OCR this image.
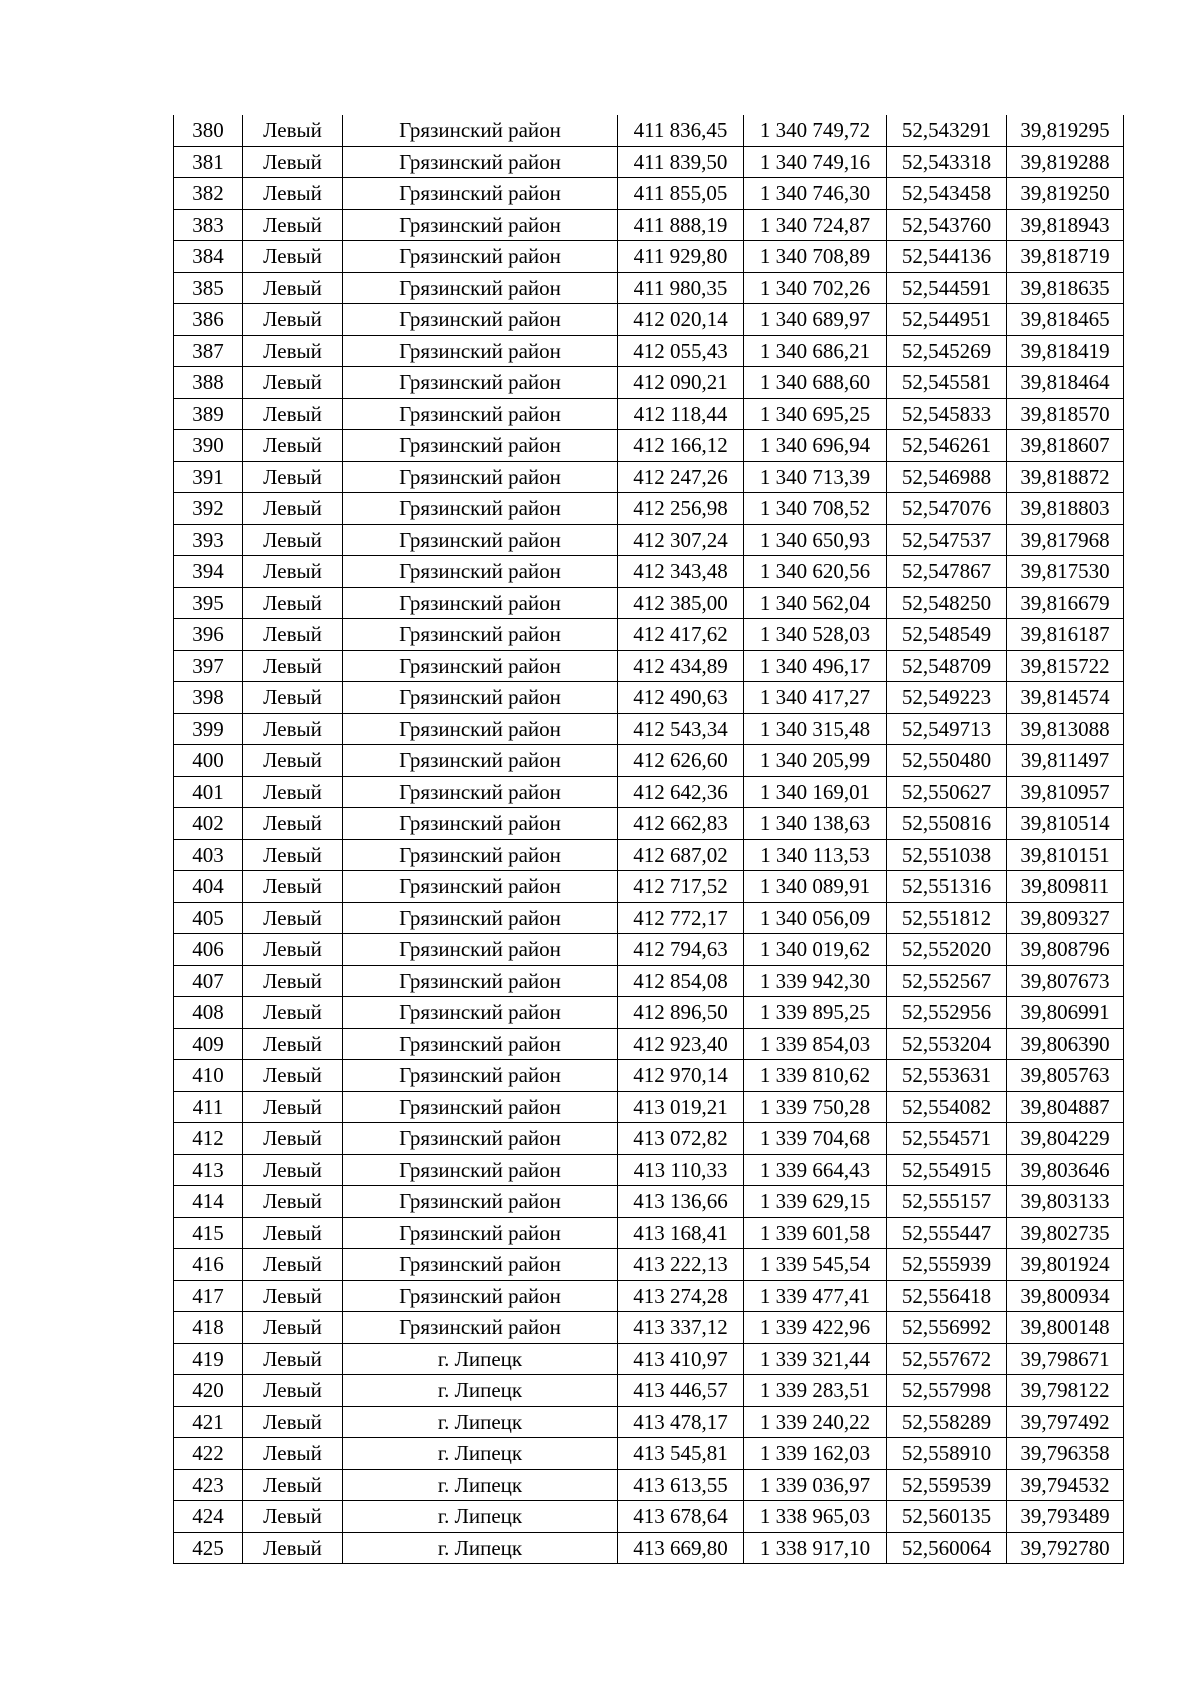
380	Левый	Грязинский район	411 836,45	1 340 749,72	52,543291	39,819295
381	Левый	Грязинский район	411 839,50	1 340 749,16	52,543318	39,819288
382	Левый	Грязинский район	411 855,05	1 340 746,30	52,543458	39,819250
383	Левый	Грязинский район	411 888,19	1 340 724,87	52,543760	39,818943
384	Левый	Грязинский район	411 929,80	1 340 708,89	52,544136	39,818719
385	Левый	Грязинский район	411 980,35	1 340 702,26	52,544591	39,818635
386	Левый	Грязинский район	412 020,14	1 340 689,97	52,544951	39,818465
387	Левый	Грязинский район	412 055,43	1 340 686,21	52,545269	39,818419
388	Левый	Грязинский район	412 090,21	1 340 688,60	52,545581	39,818464
389	Левый	Грязинский район	412 118,44	1 340 695,25	52,545833	39,818570
390	Левый	Грязинский район	412 166,12	1 340 696,94	52,546261	39,818607
391	Левый	Грязинский район	412 247,26	1 340 713,39	52,546988	39,818872
392	Левый	Грязинский район	412 256,98	1 340 708,52	52,547076	39,818803
393	Левый	Грязинский район	412 307,24	1 340 650,93	52,547537	39,817968
394	Левый	Грязинский район	412 343,48	1 340 620,56	52,547867	39,817530
395	Левый	Грязинский район	412 385,00	1 340 562,04	52,548250	39,816679
396	Левый	Грязинский район	412 417,62	1 340 528,03	52,548549	39,816187
397	Левый	Грязинский район	412 434,89	1 340 496,17	52,548709	39,815722
398	Левый	Грязинский район	412 490,63	1 340 417,27	52,549223	39,814574
399	Левый	Грязинский район	412 543,34	1 340 315,48	52,549713	39,813088
400	Левый	Грязинский район	412 626,60	1 340 205,99	52,550480	39,811497
401	Левый	Грязинский район	412 642,36	1 340 169,01	52,550627	39,810957
402	Левый	Грязинский район	412 662,83	1 340 138,63	52,550816	39,810514
403	Левый	Грязинский район	412 687,02	1 340 113,53	52,551038	39,810151
404	Левый	Грязинский район	412 717,52	1 340 089,91	52,551316	39,809811
405	Левый	Грязинский район	412 772,17	1 340 056,09	52,551812	39,809327
406	Левый	Грязинский район	412 794,63	1 340 019,62	52,552020	39,808796
407	Левый	Грязинский район	412 854,08	1 339 942,30	52,552567	39,807673
408	Левый	Грязинский район	412 896,50	1 339 895,25	52,552956	39,806991
409	Левый	Грязинский район	412 923,40	1 339 854,03	52,553204	39,806390
410	Левый	Грязинский район	412 970,14	1 339 810,62	52,553631	39,805763
411	Левый	Грязинский район	413 019,21	1 339 750,28	52,554082	39,804887
412	Левый	Грязинский район	413 072,82	1 339 704,68	52,554571	39,804229
413	Левый	Грязинский район	413 110,33	1 339 664,43	52,554915	39,803646
414	Левый	Грязинский район	413 136,66	1 339 629,15	52,555157	39,803133
415	Левый	Грязинский район	413 168,41	1 339 601,58	52,555447	39,802735
416	Левый	Грязинский район	413 222,13	1 339 545,54	52,555939	39,801924
417	Левый	Грязинский район	413 274,28	1 339 477,41	52,556418	39,800934
418	Левый	Грязинский район	413 337,12	1 339 422,96	52,556992	39,800148
419	Левый	г. Липецк	413 410,97	1 339 321,44	52,557672	39,798671
420	Левый	г. Липецк	413 446,57	1 339 283,51	52,557998	39,798122
421	Левый	г. Липецк	413 478,17	1 339 240,22	52,558289	39,797492
422	Левый	г. Липецк	413 545,81	1 339 162,03	52,558910	39,796358
423	Левый	г. Липецк	413 613,55	1 339 036,97	52,559539	39,794532
424	Левый	г. Липецк	413 678,64	1 338 965,03	52,560135	39,793489
425	Левый	г. Липецк	413 669,80	1 338 917,10	52,560064	39,792780
